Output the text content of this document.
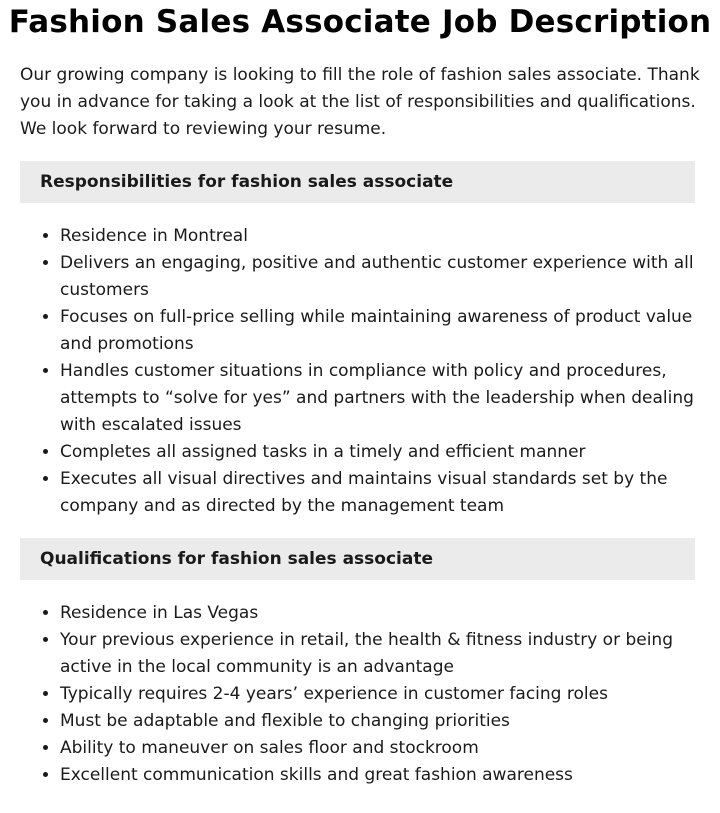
Fashion Sales Associate Job Description

Our growing company is looking to fill the role of fashion sales associate. Thank you in advance for taking a look at the list of responsibilities and qualifications. We look forward to reviewing your resume.

Responsibilities for fashion sales associate
• Residence in Montreal
• Delivers an engaging, positive and authentic customer experience with all customers
• Focuses on full-price selling while maintaining awareness of product value and promotions
• Handles customer situations in compliance with policy and procedures, attempts to “solve for yes” and partners with the leadership when dealing with escalated issues
• Completes all assigned tasks in a timely and efficient manner
• Executes all visual directives and maintains visual standards set by the company and as directed by the management team
Qualifications for fashion sales associate
• Residence in Las Vegas
• Your previous experience in retail, the health & fitness industry or being active in the local community is an advantage
• Typically requires 2-4 years’ experience in customer facing roles
• Must be adaptable and flexible to changing priorities
• Ability to maneuver on sales floor and stockroom
• Excellent communication skills and great fashion awareness
